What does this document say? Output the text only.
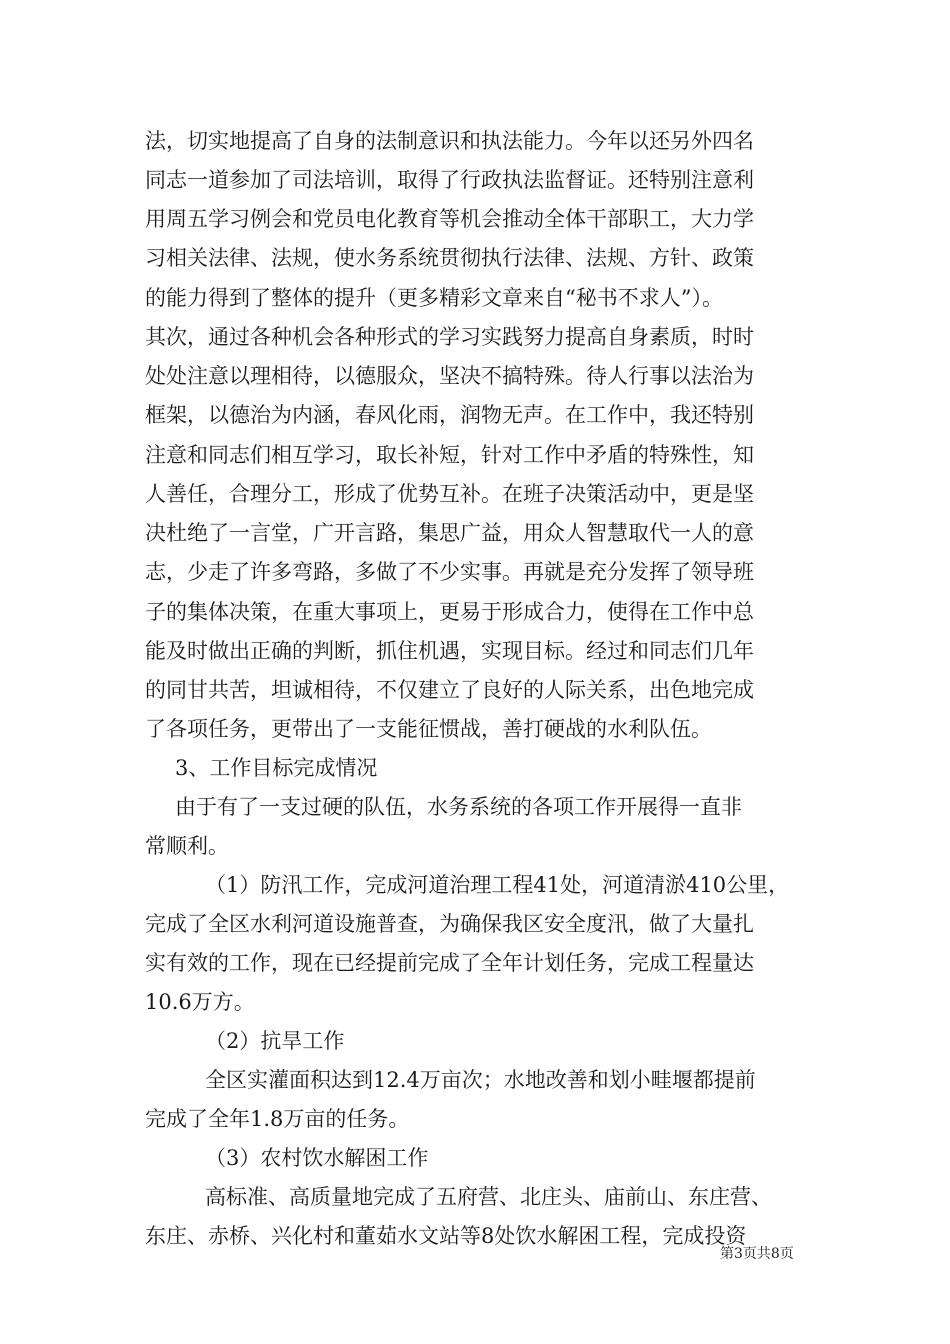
法，切实地提高了自身的法制意识和执法能力。今年以还另外四名
同志一道参加了司法培训，取得了行政执法监督证。还特别注意利
用周五学习例会和党员电化教育等机会推动全体干部职工，大力学
习相关法律、法规，使水务系统贯彻执行法律、法规、方针、政策
的能力得到了整体的提升（更多精彩文章来自“秘书不求人”）。
其次，通过各种机会各种形式的学习实践努力提高自身素质，时时
处处注意以理相待，以德服众，坚决不搞特殊。待人行事以法治为
框架，以德治为内涵，春风化雨，润物无声。在工作中，我还特别
注意和同志们相互学习，取长补短，针对工作中矛盾的特殊性，知
人善任，合理分工，形成了优势互补。在班子决策活动中，更是坚
决杜绝了一言堂，广开言路，集思广益，用众人智慧取代一人的意
志，少走了许多弯路，多做了不少实事。再就是充分发挥了领导班
子的集体决策，在重大事项上，更易于形成合力，使得在工作中总
能及时做出正确的判断，抓住机遇，实现目标。经过和同志们几年
的同甘共苦，坦诚相待，不仅建立了良好的人际关系，出色地完成
了各项任务，更带出了一支能征惯战，善打硬战的水利队伍。
3、工作目标完成情况
由于有了一支过硬的队伍，水务系统的各项工作开展得一直非
常顺利。
（1）防汛工作，完成河道治理工程41处，河道清淤410公里，
完成了全区水利河道设施普查，为确保我区安全度汛，做了大量扎
实有效的工作，现在已经提前完成了全年计划任务，完成工程量达
10.6万方。
（2）抗旱工作
全区实灌面积达到12.4万亩次；水地改善和划小畦堰都提前
完成了全年1.8万亩的任务。
（3）农村饮水解困工作
高标准、高质量地完成了五府营、北庄头、庙前山、东庄营、
东庄、赤桥、兴化村和董茹水文站等8处饮水解困工程，完成投资
第3页共8页
